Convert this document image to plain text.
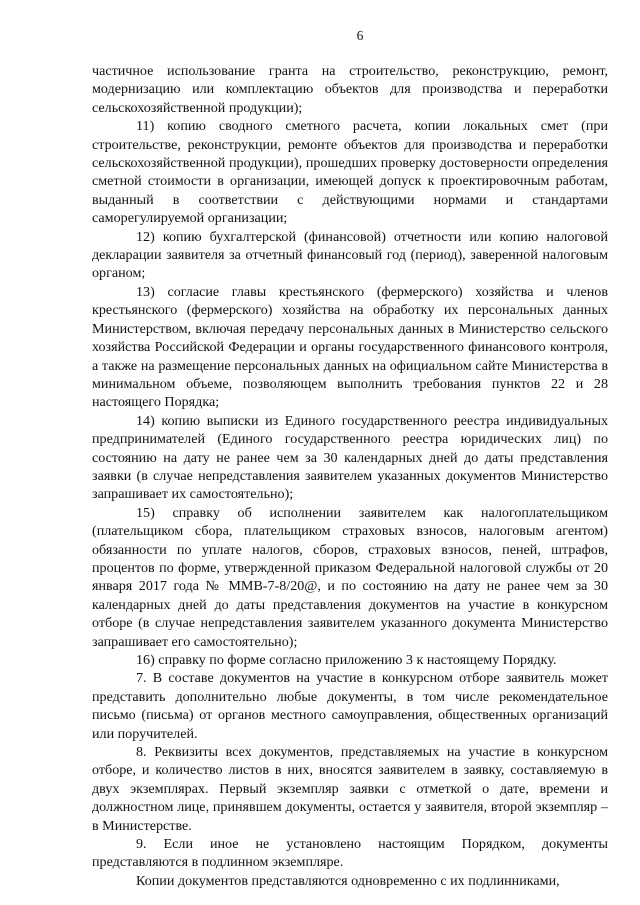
6

частичное использование гранта на строительство, реконструкцию, ремонт, модернизацию или комплектацию объектов для производства и переработки сельскохозяйственной продукции);

11) копию сводного сметного расчета, копии локальных смет (при строительстве, реконструкции, ремонте объектов для производства и переработки сельскохозяйственной продукции), прошедших проверку достоверности определения сметной стоимости в организации, имеющей допуск к проектировочным работам, выданный в соответствии с действующими нормами и стандартами саморегулируемой организации;

12) копию бухгалтерской (финансовой) отчетности или копию налоговой декларации заявителя за отчетный финансовый год (период), заверенной налоговым органом;

13) согласие главы крестьянского (фермерского) хозяйства и членов крестьянского (фермерского) хозяйства на обработку их персональных данных Министерством, включая передачу персональных данных в Министерство сельского хозяйства Российской Федерации и органы государственного финансового контроля, а также на размещение персональных данных на официальном сайте Министерства в минимальном объеме, позволяющем выполнить требования пунктов 22 и 28 настоящего Порядка;

14) копию выписки из Единого государственного реестра индивидуальных предпринимателей (Единого государственного реестра юридических лиц) по состоянию на дату не ранее чем за 30 календарных дней до даты представления заявки (в случае непредставления заявителем указанных документов Министерство запрашивает их самостоятельно);

15) справку об исполнении заявителем как налогоплательщиком (плательщиком сбора, плательщиком страховых взносов, налоговым агентом) обязанности по уплате налогов, сборов, страховых взносов, пеней, штрафов, процентов по форме, утвержденной приказом Федеральной налоговой службы от 20 января 2017 года № ММВ-7-8/20@, и по состоянию на дату не ранее чем за 30 календарных дней до даты представления документов на участие в конкурсном отборе (в случае непредставления заявителем указанного документа Министерство запрашивает его самостоятельно);

16) справку по форме согласно приложению 3 к настоящему Порядку.

7. В составе документов на участие в конкурсном отборе заявитель может представить дополнительно любые документы, в том числе рекомендательное письмо (письма) от органов местного самоуправления, общественных организаций или поручителей.

8. Реквизиты всех документов, представляемых на участие в конкурсном отборе, и количество листов в них, вносятся заявителем в заявку, составляемую в двух экземплярах. Первый экземпляр заявки с отметкой о дате, времени и должностном лице, принявшем документы, остается у заявителя, второй экземпляр – в Министерстве.

9. Если иное не установлено настоящим Порядком, документы представляются в подлинном экземпляре.

Копии документов представляются одновременно с их подлинниками,
